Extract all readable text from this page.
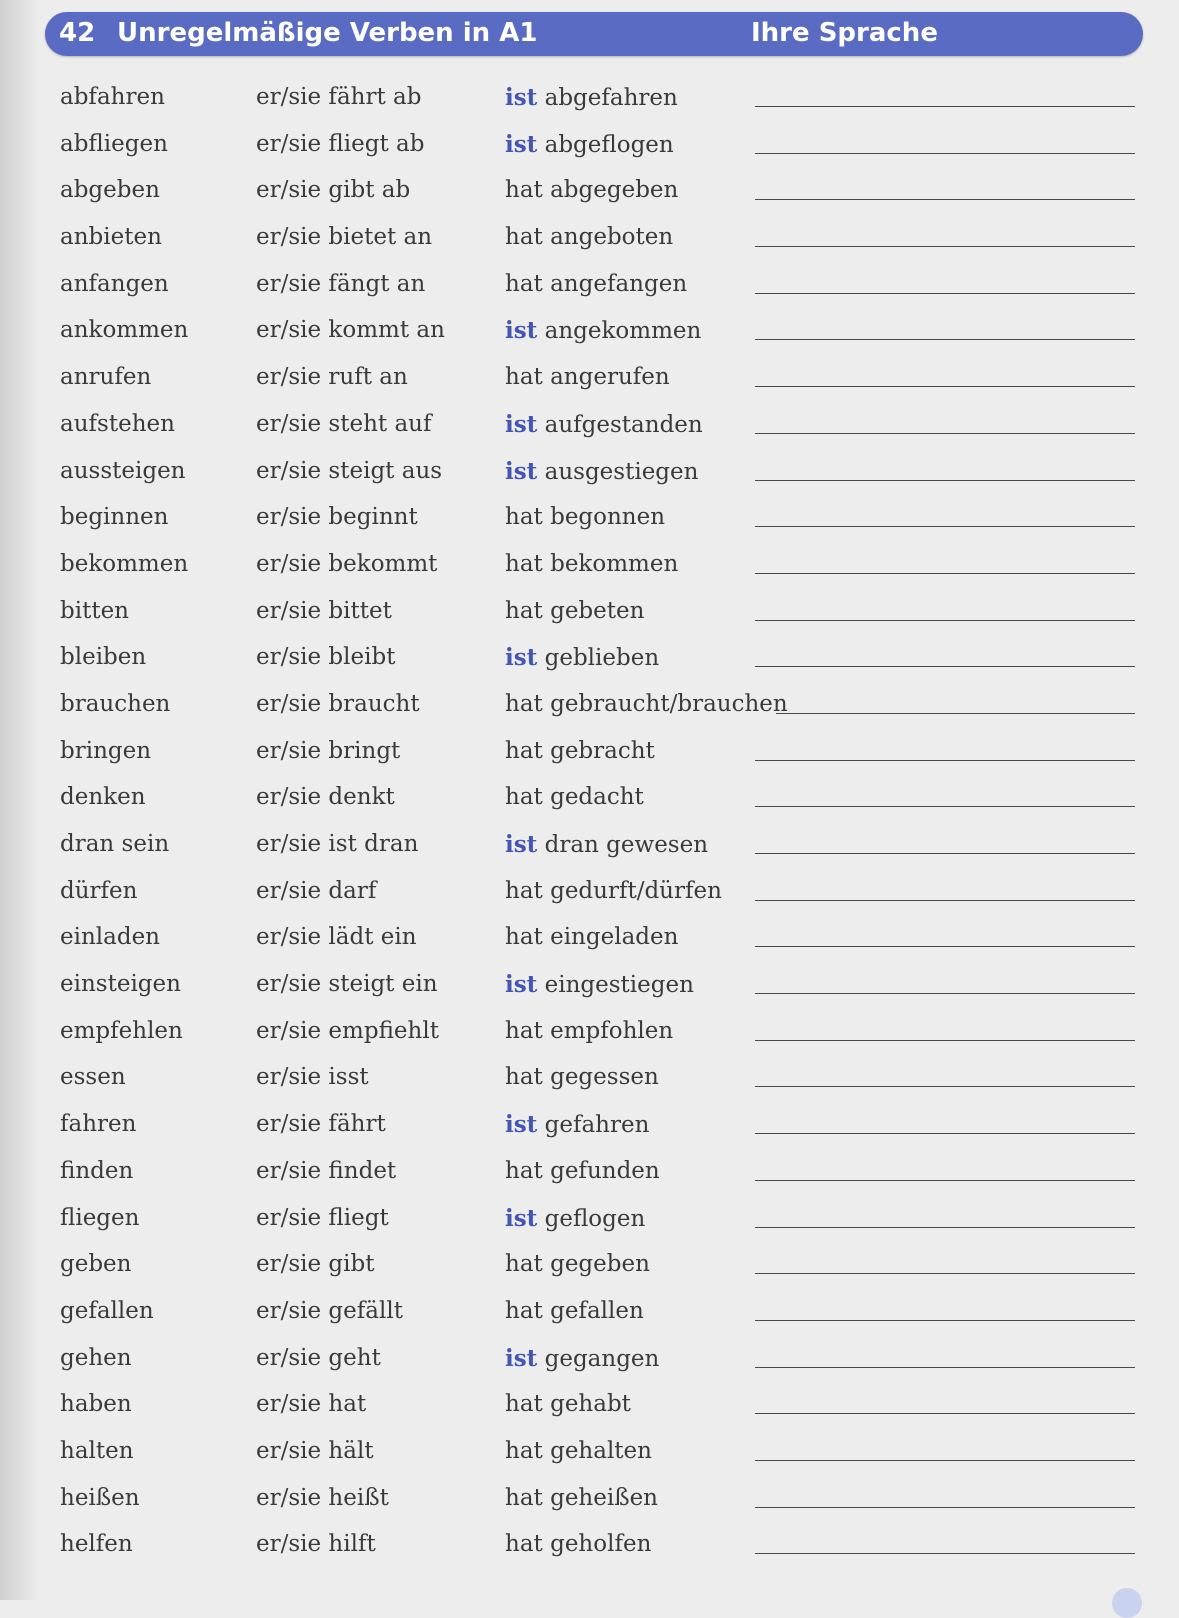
42 Unregelmäßige Verben in A1	Ihre Sprache
abfahren	er/sie fährt ab	ist abgefahren
abfliegen	er/sie fliegt ab	ist abgeflogen
abgeben	er/sie gibt ab	hat abgegeben
anbieten	er/sie bietet an	hat angeboten
anfangen	er/sie fängt an	hat angefangen
ankommen	er/sie kommt an	ist angekommen
anrufen	er/sie ruft an	hat angerufen
aufstehen	er/sie steht auf	ist aufgestanden
aussteigen	er/sie steigt aus	ist ausgestiegen
beginnen	er/sie beginnt	hat begonnen
bekommen	er/sie bekommt	hat bekommen
bitten	er/sie bittet	hat gebeten
bleiben	er/sie bleibt	ist geblieben
brauchen	er/sie braucht	hat gebraucht/brauchen
bringen	er/sie bringt	hat gebracht
denken	er/sie denkt	hat gedacht
dran sein	er/sie ist dran	ist dran gewesen
dürfen	er/sie darf	hat gedurft/dürfen
einladen	er/sie lädt ein	hat eingeladen
einsteigen	er/sie steigt ein	ist eingestiegen
empfehlen	er/sie empfiehlt	hat empfohlen
essen	er/sie isst	hat gegessen
fahren	er/sie fährt	ist gefahren
finden	er/sie findet	hat gefunden
fliegen	er/sie fliegt	ist geflogen
geben	er/sie gibt	hat gegeben
gefallen	er/sie gefällt	hat gefallen
gehen	er/sie geht	ist gegangen
haben	er/sie hat	hat gehabt
halten	er/sie hält	hat gehalten
heißen	er/sie heißt	hat geheißen
helfen	er/sie hilft	hat geholfen
